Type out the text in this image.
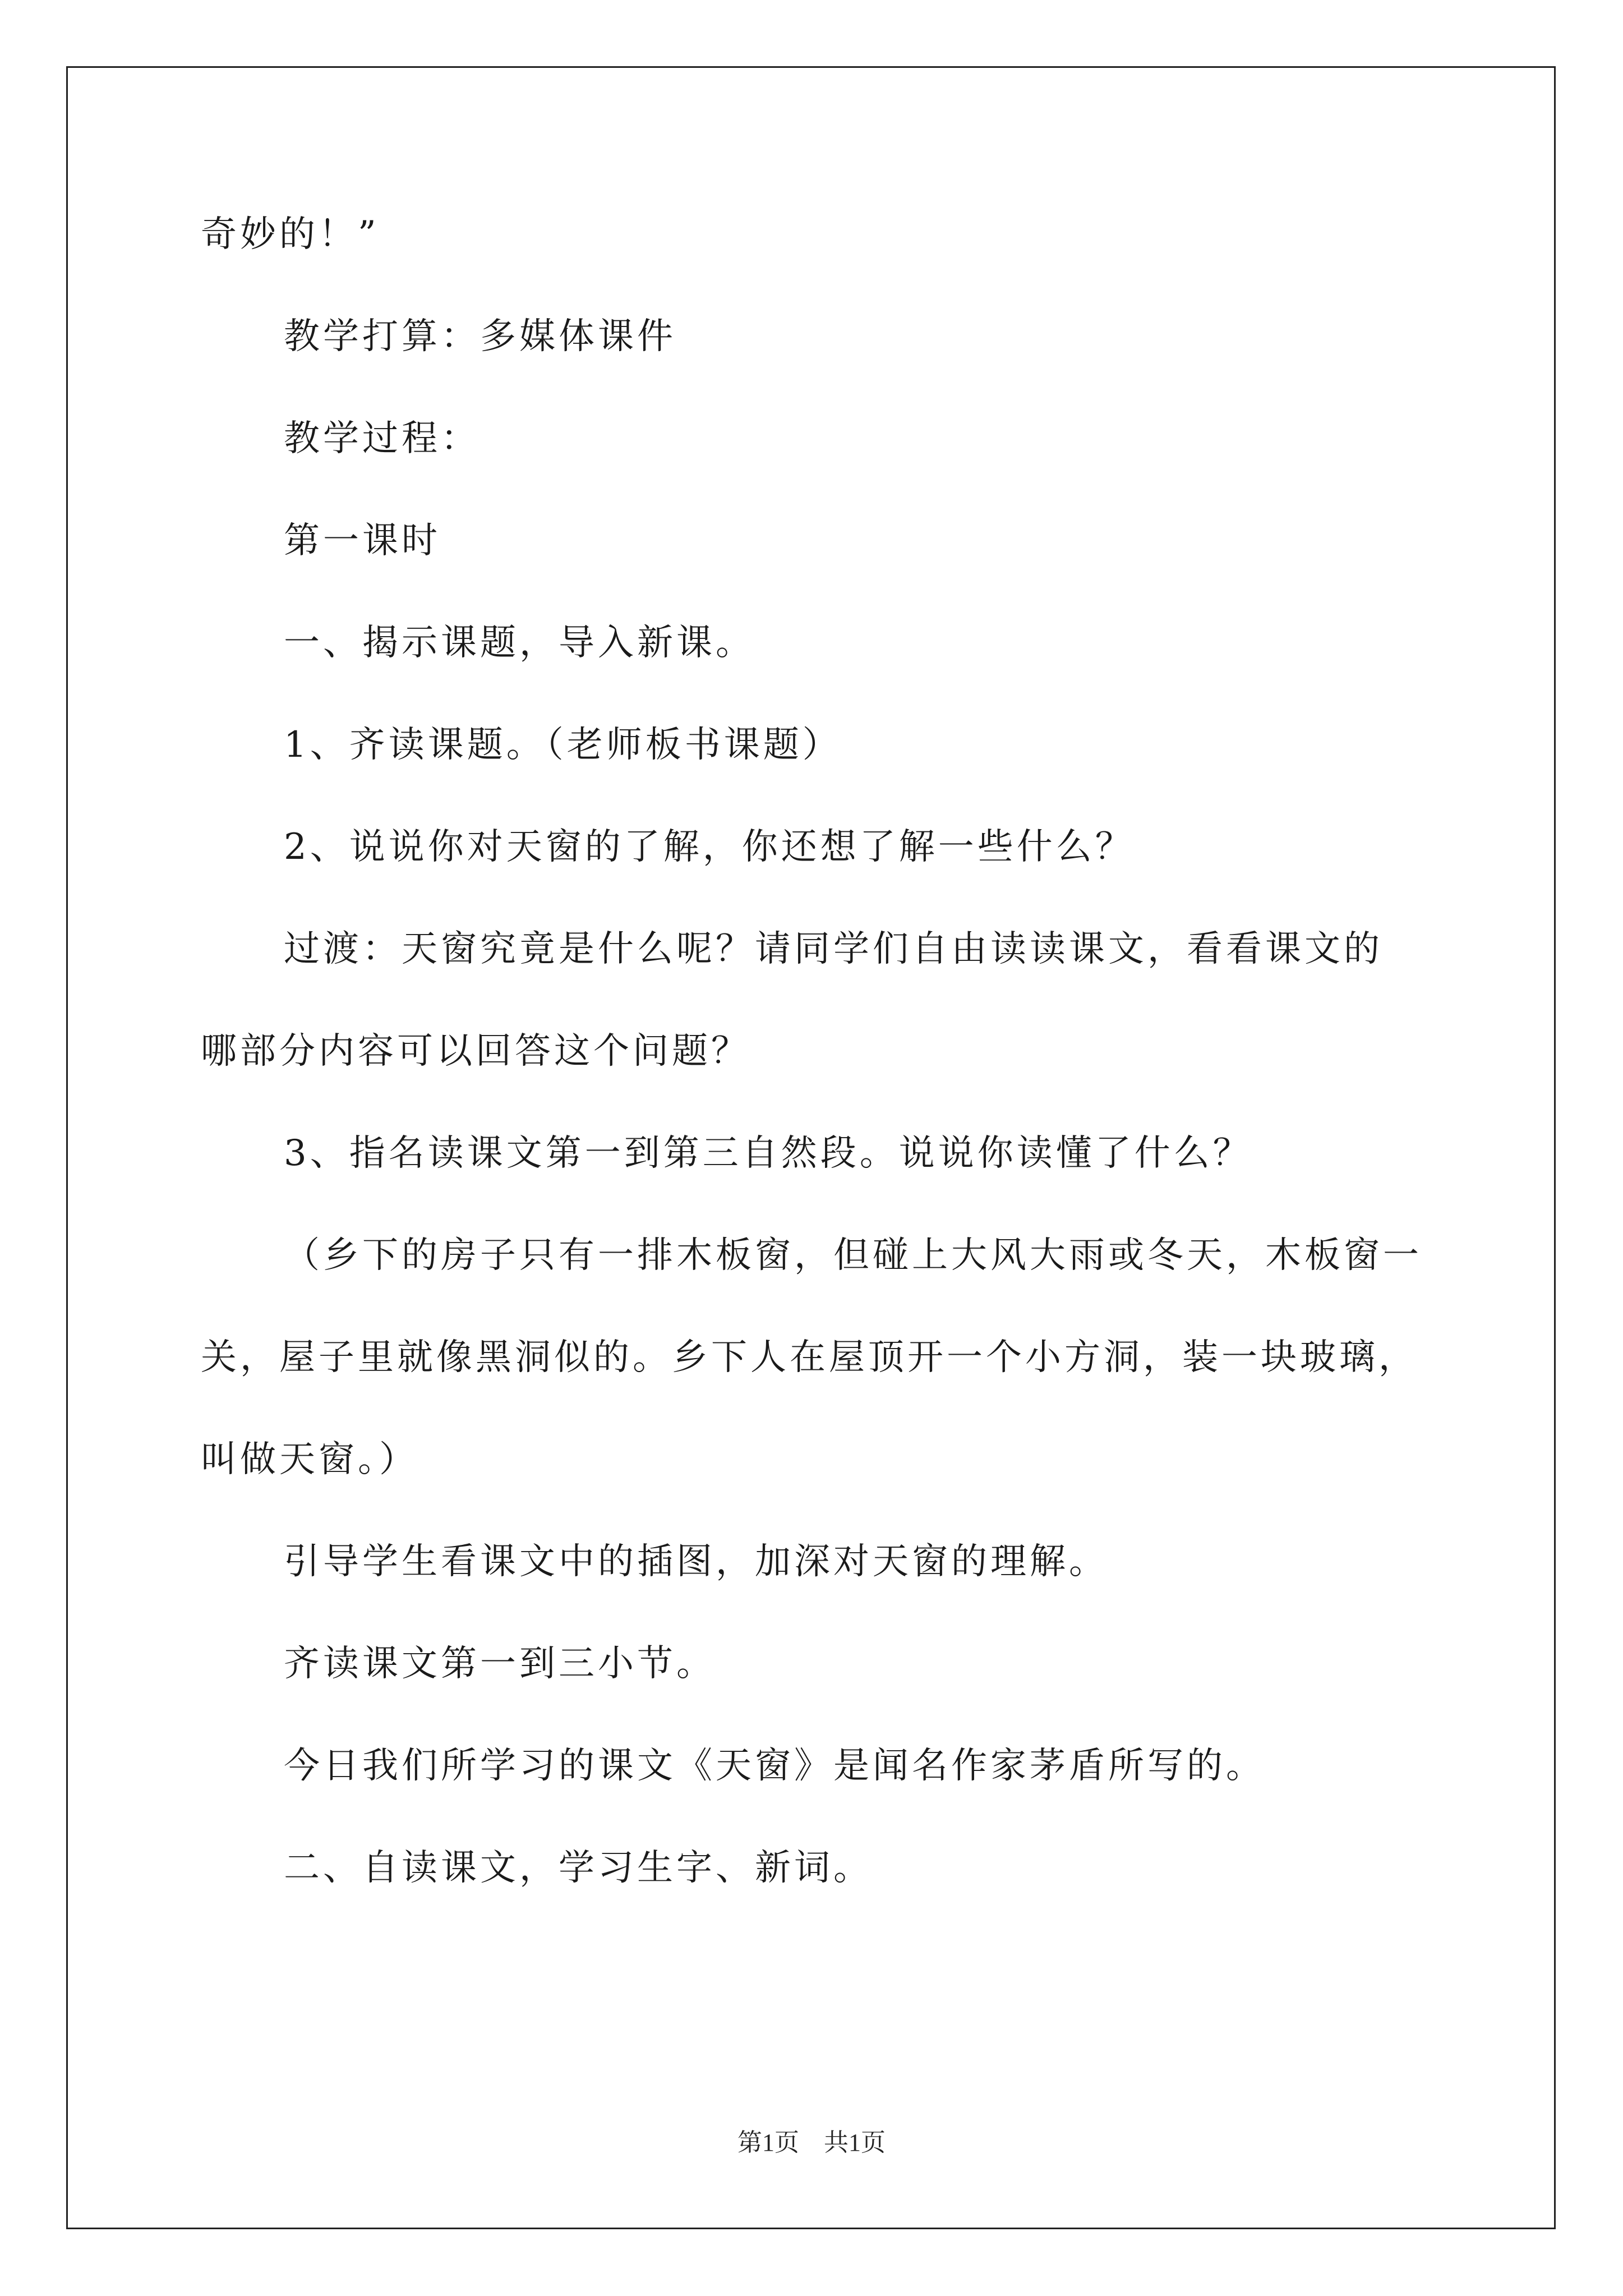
奇妙的！”
教学打算：多媒体课件
教学过程：
第一课时
一、揭示课题，导入新课。
1、齐读课题。（老师板书课题）
2、说说你对天窗的了解，你还想了解一些什么？
过渡：天窗究竟是什么呢？请同学们自由读读课文，看看课文的
哪部分内容可以回答这个问题？
3、指名读课文第一到第三自然段。说说你读懂了什么？
（乡下的房子只有一排木板窗，但碰上大风大雨或冬天，木板窗一
关，屋子里就像黑洞似的。乡下人在屋顶开一个小方洞，装一块玻璃，
叫做天窗。）
引导学生看课文中的插图，加深对天窗的理解。
齐读课文第一到三小节。
今日我们所学习的课文《天窗》是闻名作家茅盾所写的。
二、自读课文，学习生字、新词。
第1页 共1页
